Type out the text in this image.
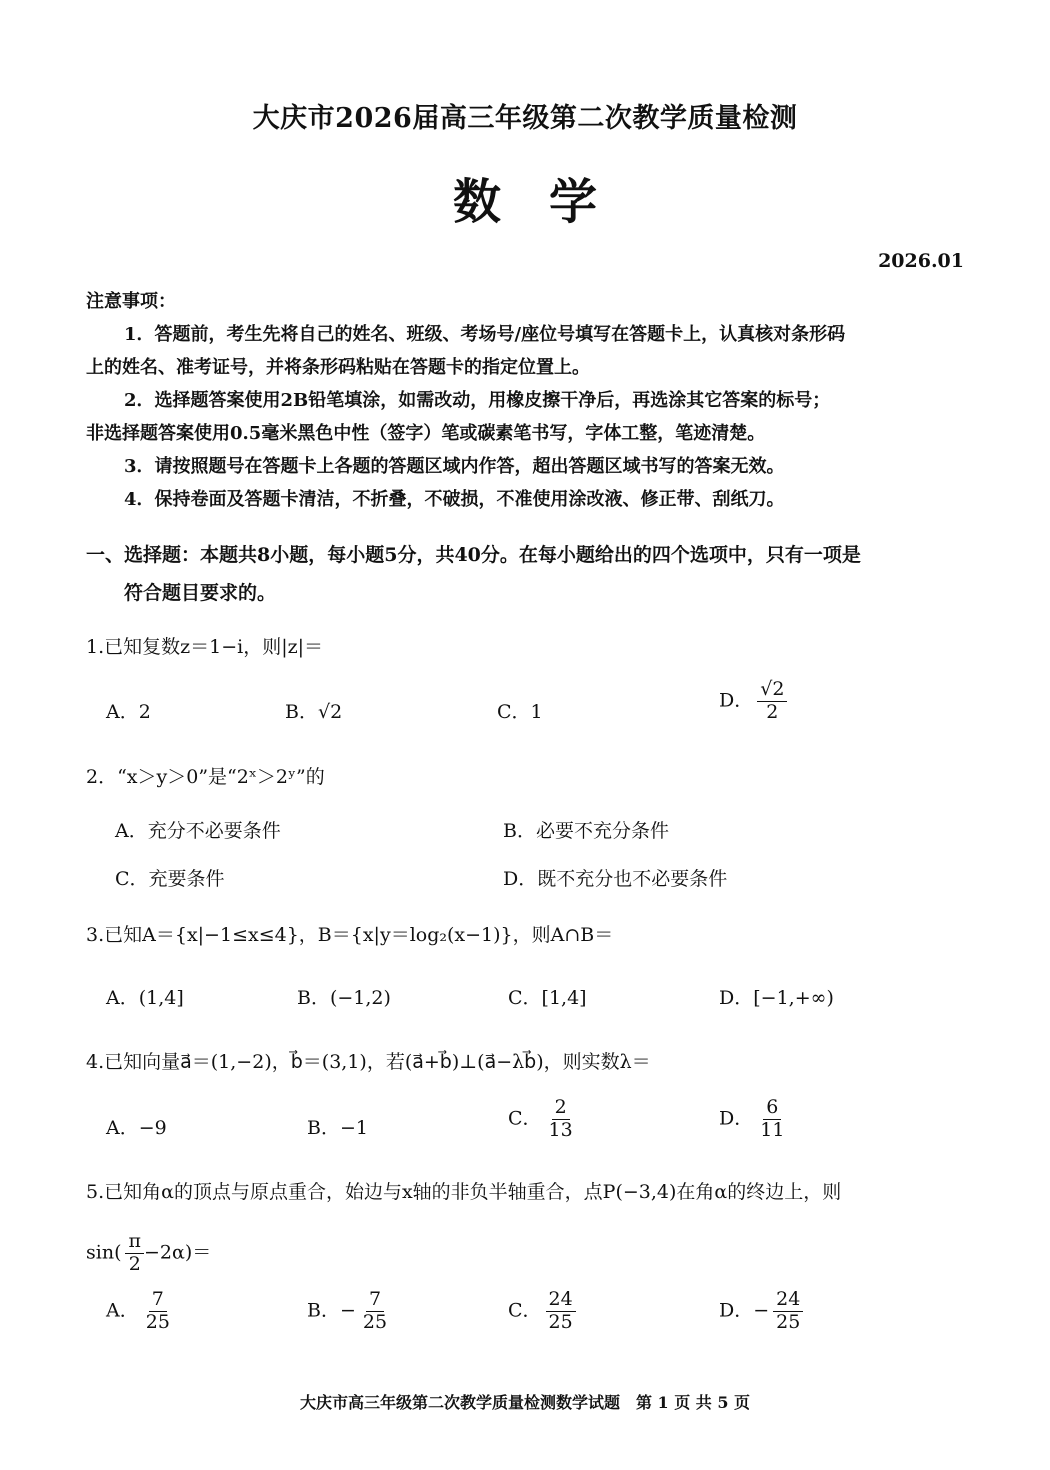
大庆市2026届高三年级第二次教学质量检测
数学
2026.01
注意事项：
1．答题前，考生先将自己的姓名、班级、考场号/座位号填写在答题卡上，认真核对条形码
上的姓名、准考证号，并将条形码粘贴在答题卡的指定位置上。
2．选择题答案使用2B铅笔填涂，如需改动，用橡皮擦干净后，再选涂其它答案的标号；
非选择题答案使用0.5毫米黑色中性（签字）笔或碳素笔书写，字体工整，笔迹清楚。
3．请按照题号在答题卡上各题的答题区域内作答，超出答题区域书写的答案无效。
4．保持卷面及答题卡清洁，不折叠，不破损，不准使用涂改液、修正带、刮纸刀。
一、选择题：本题共8小题，每小题5分，共40分。在每小题给出的四个选项中，只有一项是
符合题目要求的。
1.已知复数z＝1−i，则|z|＝
A．2	B．√2	C．1
D． $\frac{√2}{2}$
2．“x＞y＞0”是“2ˣ＞2ʸ”的
A．充分不必要条件	B．必要不充分条件
C．充要条件	D．既不充分也不必要条件
3.已知A＝{x|−1≤x≤4}，B＝{x|y＝log₂(x−1)}，则A∩B＝
A．(1,4]	B．(−1,2)	C．[1,4]	D．[−1,+∞)
4.已知向量a⃗＝(1,−2)，b⃗＝(3,1)，若(a⃗+b⃗)⊥(a⃗−λb⃗)，则实数λ＝
A．−9	B．−1	C． $\frac{2}{13}$	D． $\frac{6}{11}$
5.已知角α的顶点与原点重合，始边与x轴的非负半轴重合，点P(−3,4)在角α的终边上，则
$\sin( \frac{\pi}{2} -2\alpha)=$
A． $\frac{7}{25}$	B．− $\frac{7}{25}$	C． $\frac{24}{25}$	D．− $\frac{24}{25}$
大庆市高三年级第二次教学质量检测数学试题　第 1 页 共 5 页
